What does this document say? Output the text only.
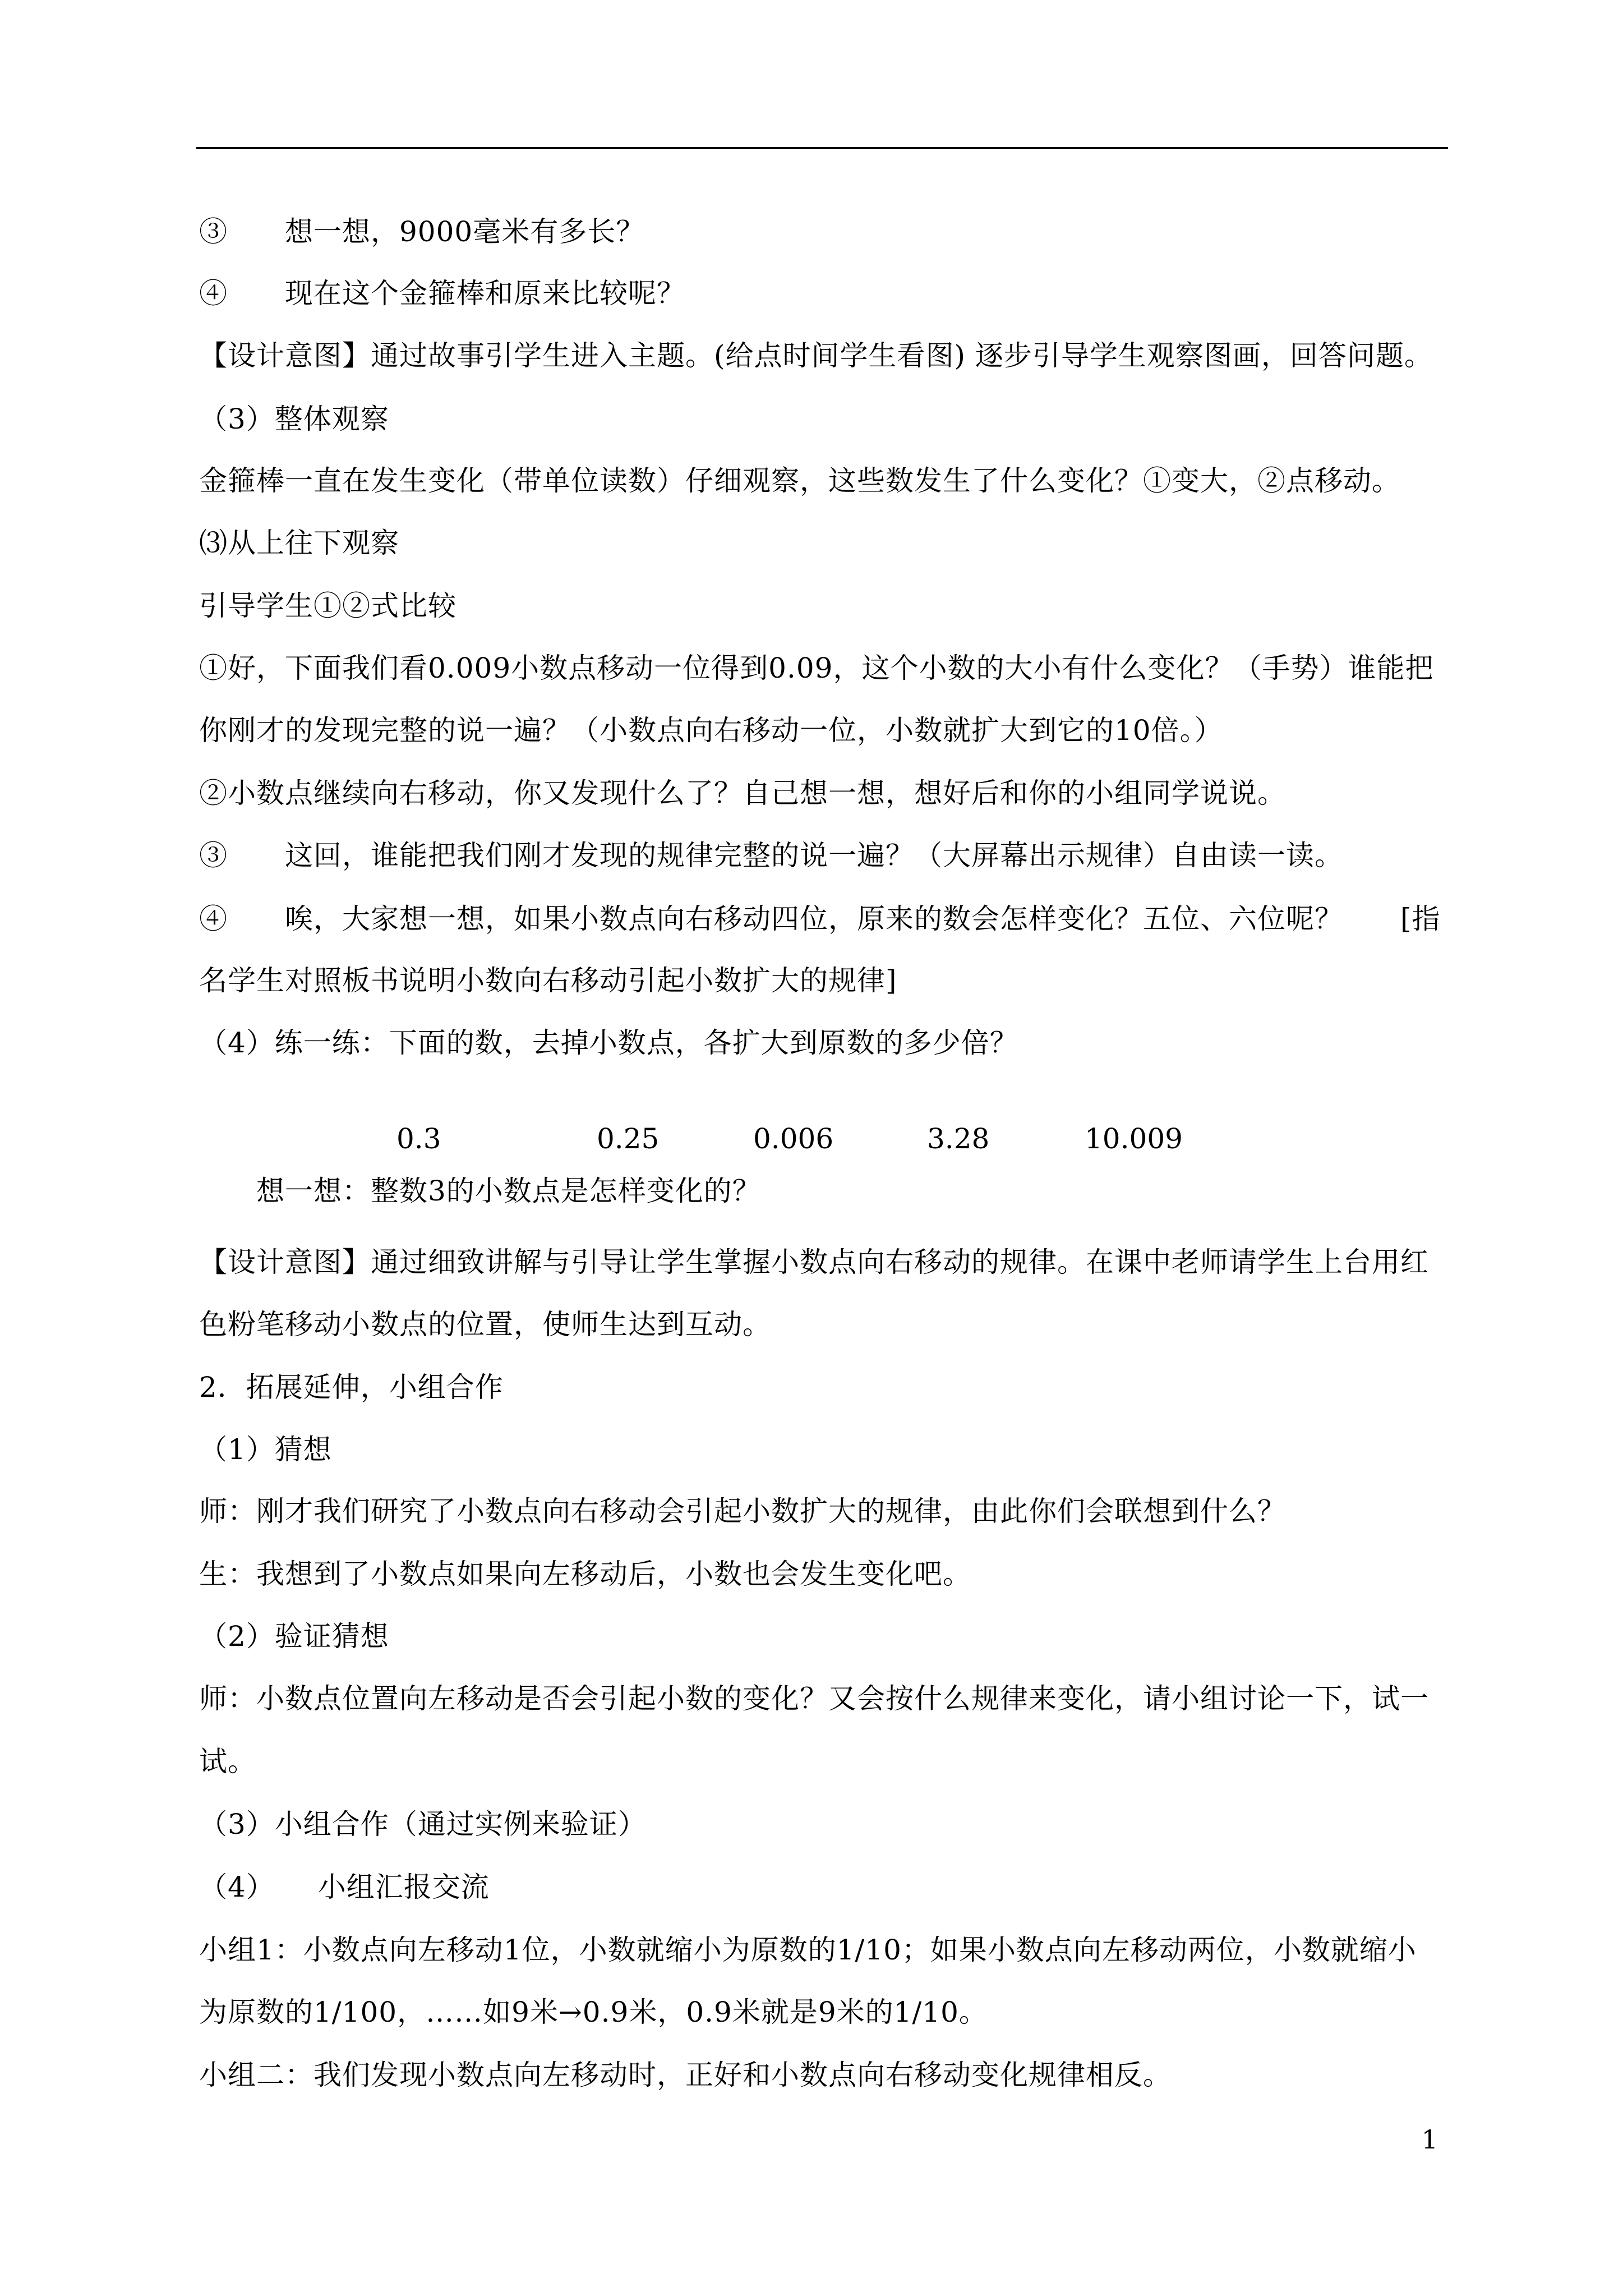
③　　想一想，9000毫米有多长？
④　　现在这个金箍棒和原来比较呢？
【设计意图】通过故事引学生进入主题。(给点时间学生看图) 逐步引导学生观察图画，回答问题。
（3）整体观察
金箍棒一直在发生变化（带单位读数）仔细观察，这些数发生了什么变化？①变大，②点移动。
⑶从上往下观察
引导学生①②式比较
①好，下面我们看0.009小数点移动一位得到0.09，这个小数的大小有什么变化？（手势）谁能把
你刚才的发现完整的说一遍？（小数点向右移动一位，小数就扩大到它的10倍。）
②小数点继续向右移动，你又发现什么了？自己想一想，想好后和你的小组同学说说。
③　　这回，谁能把我们刚才发现的规律完整的说一遍？（大屏幕出示规律）自由读一读。
④　　唉，大家想一想，如果小数点向右移动四位，原来的数会怎样变化？五位、六位呢？　　[指
名学生对照板书说明小数向右移动引起小数扩大的规律]
（4）练一练：下面的数，去掉小数点，各扩大到原数的多少倍？
0.3	0.25	0.006	3.28	10.009
　　想一想：整数3的小数点是怎样变化的？
【设计意图】通过细致讲解与引导让学生掌握小数点向右移动的规律。在课中老师请学生上台用红
色粉笔移动小数点的位置，使师生达到互动。
2．拓展延伸，小组合作
（1）猜想
师：刚才我们研究了小数点向右移动会引起小数扩大的规律，由此你们会联想到什么？
生：我想到了小数点如果向左移动后，小数也会发生变化吧。
（2）验证猜想
师：小数点位置向左移动是否会引起小数的变化？又会按什么规律来变化，请小组讨论一下，试一
试。
（3）小组合作（通过实例来验证）
（4）　　小组汇报交流
小组1：小数点向左移动1位，小数就缩小为原数的1/10；如果小数点向左移动两位，小数就缩小
为原数的1/100，……如9米→0.9米，0.9米就是9米的1/10。
小组二：我们发现小数点向左移动时，正好和小数点向右移动变化规律相反。
1
